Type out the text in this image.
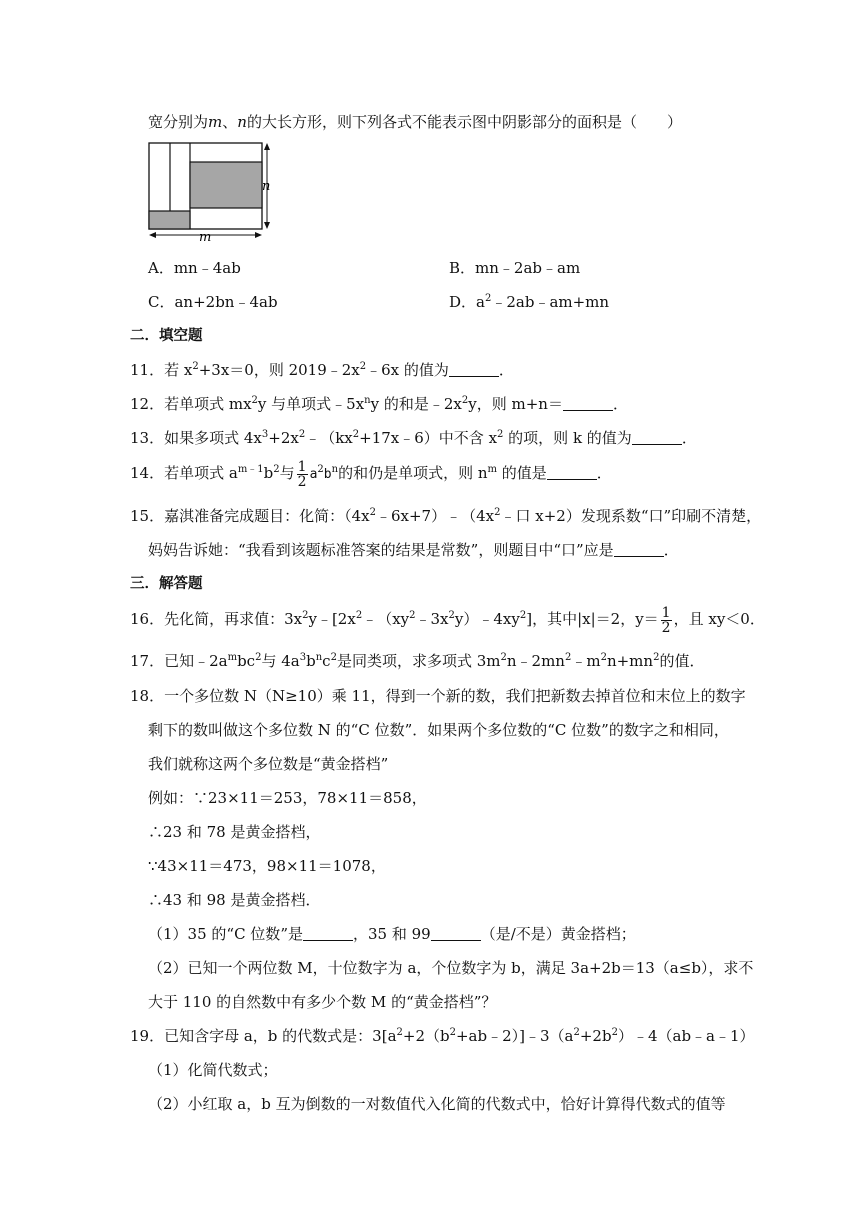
宽分别为m、n的大长方形，则下列各式不能表示图中阴影部分的面积是（　　）
n
m
A．mn﹣4ab	B．mn﹣2ab﹣am
C．an+2bn﹣4ab	D．$a^2﹣2ab﹣am+mn$
二．填空题
11．若 $x^2+3x=0$，则 $2019﹣2x^2﹣6x$ 的值为	．
12．若单项式 $mx^2y$ 与单项式$﹣5x^ny$ 的和是$﹣2x^2y$，则 m+n＝	．
13．如果多项式 $4x^3+2x^2﹣(kx^2+17x﹣6)$中不含 $x^2$ 的项，则 k 的值为	．
14．若单项式 $a^{m﹣1}b^2$与 $\frac{1}{2} a^2b^n$的和仍是单项式，则 $n^m$ 的值是	．
15．嘉淇准备完成题目：化简：$(4x^2﹣6x+7)﹣(4x^2﹣$口 x+2）发现系数“口”印刷不清楚，
妈妈告诉她：“我看到该题标准答案的结果是常数”，则题目中“口”应是	．
三．解答题
16．先化简，再求值：$3x^2y﹣[2x^2﹣(xy^2﹣3x^2y)﹣4xy^2]$，其中|x|＝2，$y= \frac{1}{2}$ ，且 xy＜0．
17．已知$﹣2a^mbc^2$与 $4a^3b^nc^2$是同类项，求多项式 $3m^2n﹣2mn^2﹣m^2n+mn^2$的值．
18．一个多位数 N（N≥10）乘 11，得到一个新的数，我们把新数去掉首位和末位上的数字
剩下的数叫做这个多位数 N 的“C 位数”．如果两个多位数的“C 位数”的数字之和相同，
我们就称这两个多位数是“黄金搭档”
例如：∵23×11＝253，78×11＝858，
∴23 和 78 是黄金搭档，
∵43×11＝473，98×11＝1078，
∴43 和 98 是黄金搭档．
（1）35 的“C 位数”是	，35 和 99	（是/不是）黄金搭档；
（2）已知一个两位数 M，十位数字为 a，个位数字为 b，满足 3a+2b＝13（a≤b），求不
大于 110 的自然数中有多少个数 M 的“黄金搭档”？
19．已知含字母 a，b 的代数式是：$3[a^2+2(b^2+ab﹣2)]﹣3(a^2+2b^2)﹣4(ab﹣a﹣1)$
（1）化简代数式；
（2）小红取 a，b 互为倒数的一对数值代入化简的代数式中，恰好计算得代数式的值等
